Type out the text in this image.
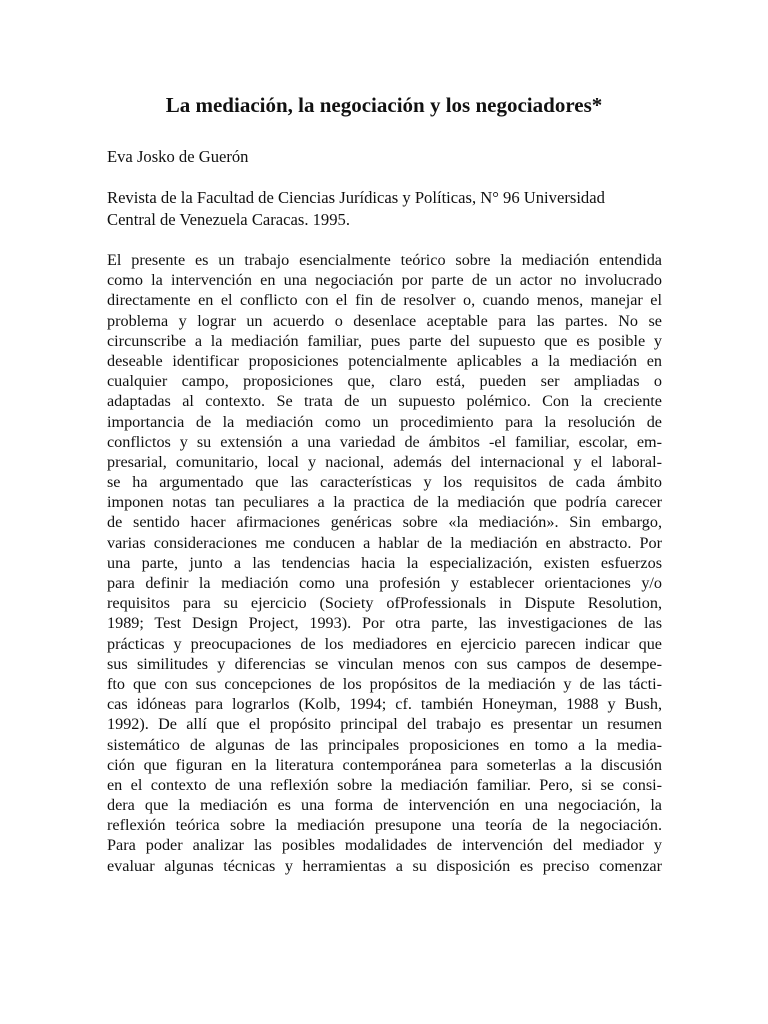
La mediación, la negociación y los negociadores*
Eva Josko de Guerón
Revista de la Facultad de Ciencias Jurídicas y Políticas, N° 96 Universidad
Central de Venezuela Caracas. 1995.
El presente es un trabajo esencialmente teórico sobre la mediación entendida
como la intervención en una negociación por parte de un actor no involucrado
directamente en el conflicto con el fin de resolver o, cuando menos, manejar el
problema y lograr un acuerdo o desenlace aceptable para las partes. No se
circunscribe a la mediación familiar, pues parte del supuesto que es posible y
deseable identificar proposiciones potencialmente aplicables a la mediación en
cualquier campo, proposiciones que, claro está, pueden ser ampliadas o
adaptadas al contexto. Se trata de un supuesto polémico. Con la creciente
importancia de la mediación como un procedimiento para la resolución de
conflictos y su extensión a una variedad de ámbitos -el familiar, escolar, em-
presarial, comunitario, local y nacional, además del internacional y el laboral-
se ha argumentado que las características y los requisitos de cada ámbito
imponen notas tan peculiares a la practica de la mediación que podría carecer
de sentido hacer afirmaciones genéricas sobre «la mediación». Sin embargo,
varias consideraciones me conducen a hablar de la mediación en abstracto. Por
una parte, junto a las tendencias hacia la especialización, existen esfuerzos
para definir la mediación como una profesión y establecer orientaciones y/o
requisitos para su ejercicio (Society ofProfessionals in Dispute Resolution,
1989; Test Design Project, 1993). Por otra parte, las investigaciones de las
prácticas y preocupaciones de los mediadores en ejercicio parecen indicar que
sus similitudes y diferencias se vinculan menos con sus campos de desempe-
fto que con sus concepciones de los propósitos de la mediación y de las tácti-
cas idóneas para lograrlos (Kolb, 1994; cf. también Honeyman, 1988 y Bush,
1992). De allí que el propósito principal del trabajo es presentar un resumen
sistemático de algunas de las principales proposiciones en tomo a la media-
ción que figuran en la literatura contemporánea para someterlas a la discusión
en el contexto de una reflexión sobre la mediación familiar. Pero, si se consi-
dera que la mediación es una forma de intervención en una negociación, la
reflexión teórica sobre la mediación presupone una teoría de la negociación.
Para poder analizar las posibles modalidades de intervención del mediador y
evaluar algunas técnicas y herramientas a su disposición es preciso comenzar
